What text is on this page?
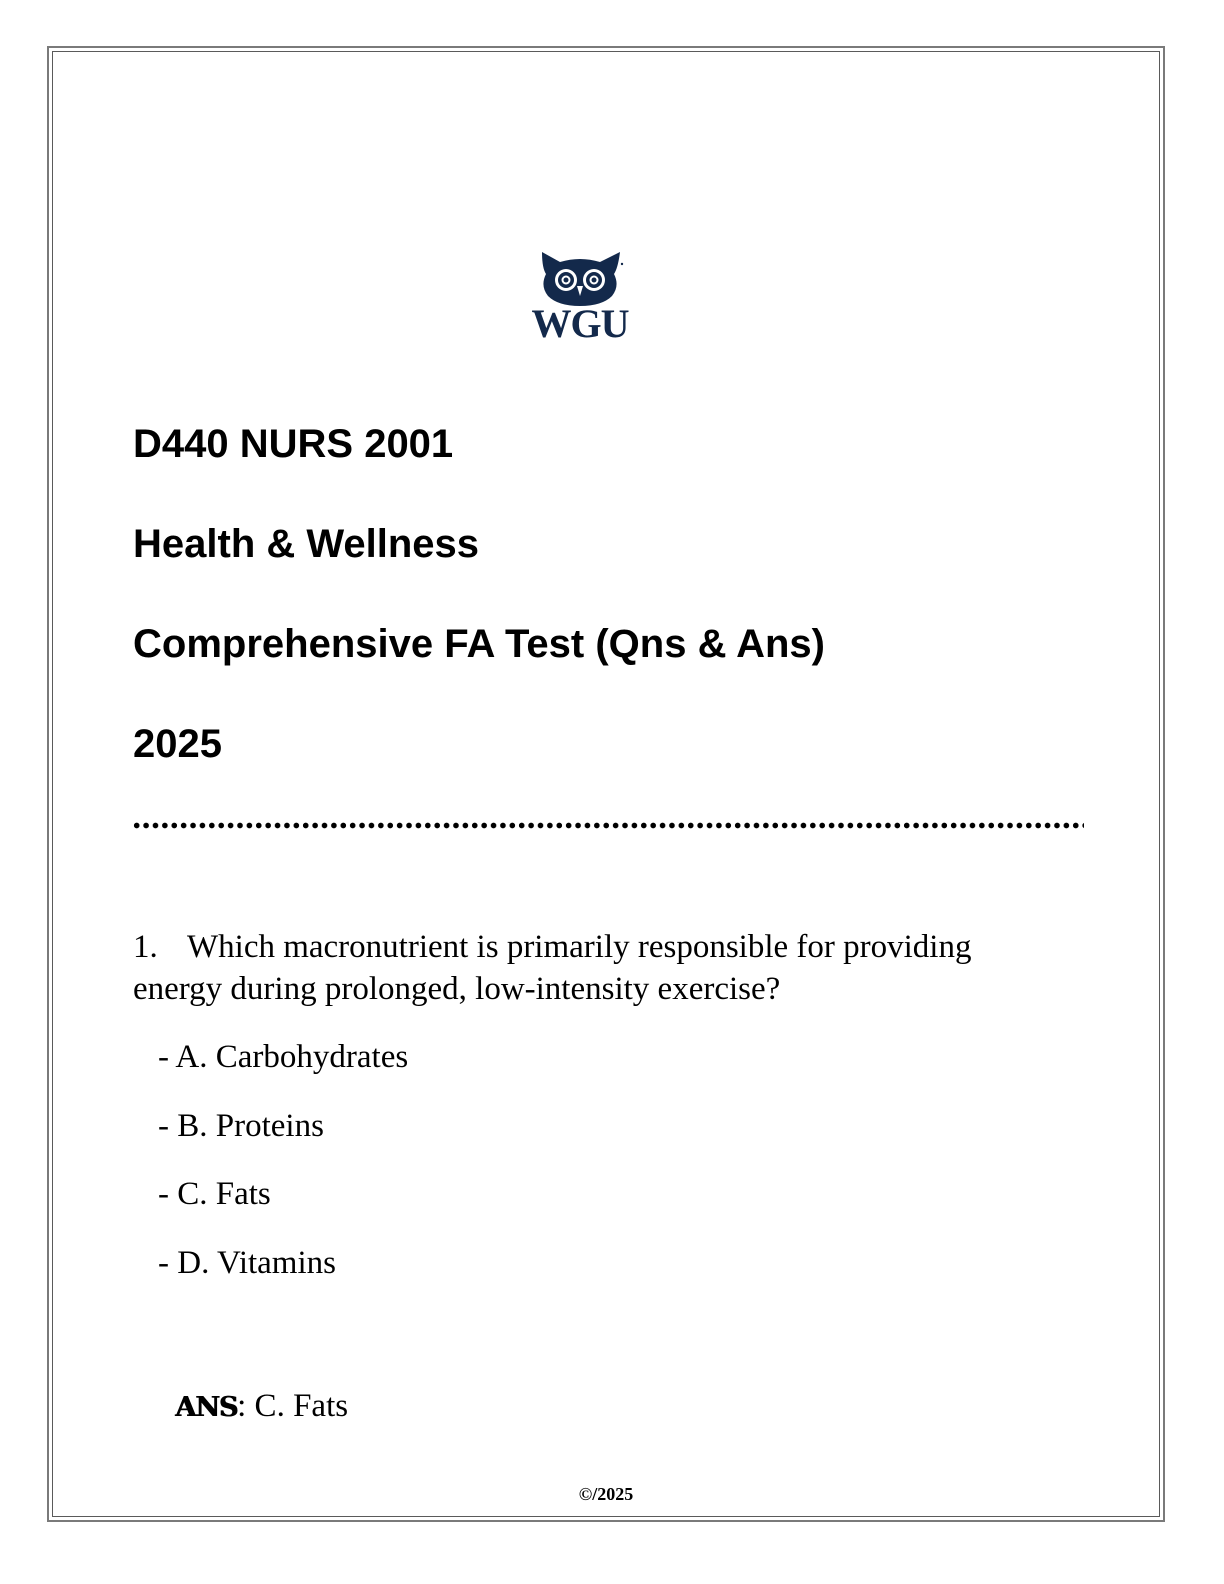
WGU
D440 NURS 2001
Health & Wellness
Comprehensive FA Test (Qns & Ans)
2025
1. Which macronutrient is primarily responsible for providing energy during prolonged, low-intensity exercise?
- A. Carbohydrates
- B. Proteins
- C. Fats
- D. Vitamins
ANS: C. Fats
©/2025
